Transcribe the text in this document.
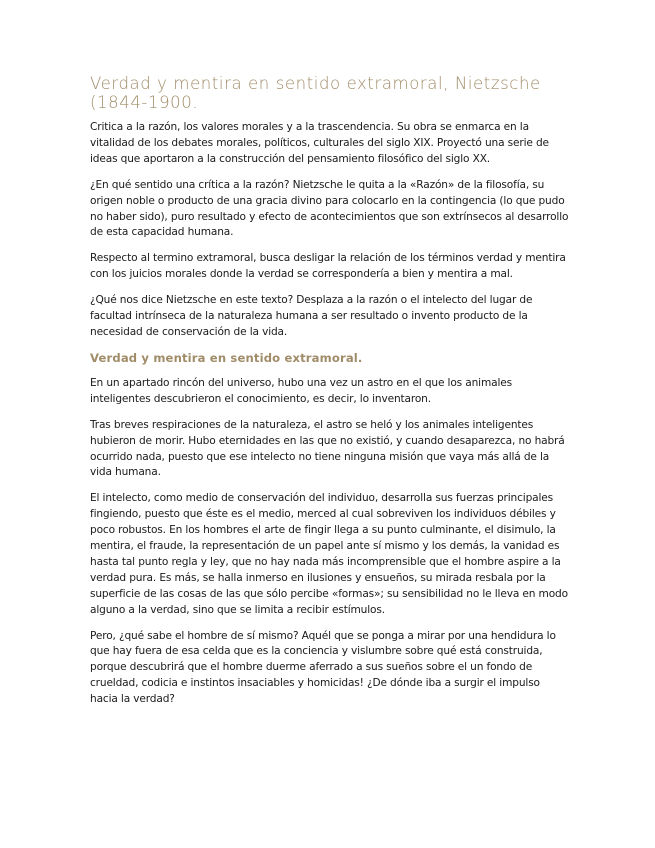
Verdad y mentira en sentido extramoral, Nietzsche (1844-1900.

Critica a la razón, los valores morales y a la trascendencia. Su obra se enmarca en la vitalidad de los debates morales, políticos, culturales del siglo XIX. Proyectó una serie de ideas que aportaron a la construcción del pensamiento filosófico del siglo XX.

¿En qué sentido una crítica a la razón? Nietzsche le quita a la «Razón» de la filosofía, su origen noble o producto de una gracia divino para colocarlo en la contingencia (lo que pudo no haber sido), puro resultado y efecto de acontecimientos que son extrínsecos al desarrollo de esta capacidad humana.

Respecto al termino extramoral, busca desligar la relación de los términos verdad y mentira con los juicios morales donde la verdad se correspondería a bien y mentira a mal.

¿Qué nos dice Nietzsche en este texto? Desplaza a la razón o el intelecto del lugar de facultad intrínseca de la naturaleza humana a ser resultado o invento producto de la necesidad de conservación de la vida.

Verdad y mentira en sentido extramoral.

En un apartado rincón del universo, hubo una vez un astro en el que los animales inteligentes descubrieron el conocimiento, es decir, lo inventaron.

Tras breves respiraciones de la naturaleza, el astro se heló y los animales inteligentes hubieron de morir. Hubo eternidades en las que no existió, y cuando desaparezca, no habrá ocurrido nada, puesto que ese intelecto no tiene ninguna misión que vaya más allá de la vida humana.

El intelecto, como medio de conservación del individuo, desarrolla sus fuerzas principales fingiendo, puesto que éste es el medio, merced al cual sobreviven los individuos débiles y poco robustos. En los hombres el arte de fingir llega a su punto culminante, el disimulo, la mentira, el fraude, la representación de un papel ante sí mismo y los demás, la vanidad es hasta tal punto regla y ley, que no hay nada más incomprensible que el hombre aspire a la verdad pura. Es más, se halla inmerso en ilusiones y ensueños, su mirada resbala por la superficie de las cosas de las que sólo percibe «formas»; su sensibilidad no le lleva en modo alguno a la verdad, sino que se limita a recibir estímulos.

Pero, ¿qué sabe el hombre de sí mismo? Aquél que se ponga a mirar por una hendidura lo que hay fuera de esa celda que es la conciencia y vislumbre sobre qué está construida, porque descubrirá que el hombre duerme aferrado a sus sueños sobre el un fondo de crueldad, codicia e instintos insaciables y homicidas! ¿De dónde iba a surgir el impulso hacia la verdad?
